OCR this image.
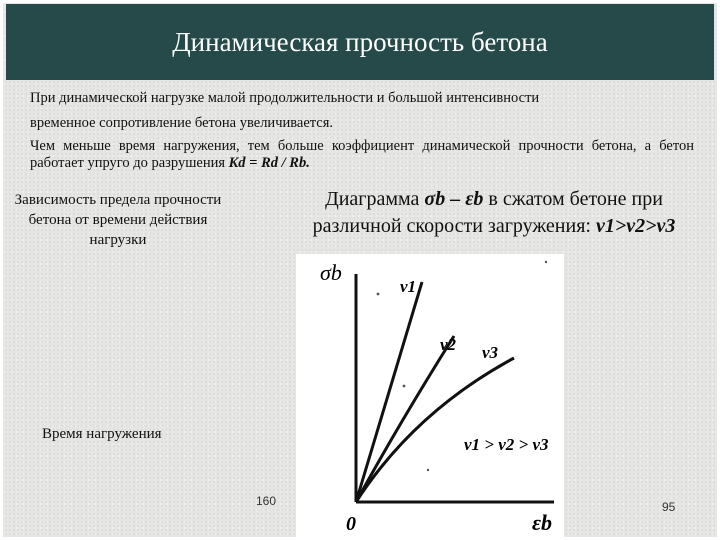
Динамическая прочность бетона
При динамической нагрузке малой продолжительности и большой интенсивности
временное сопротивление бетона увеличивается.
Чем меньше время нагружения, тем больше коэффициент динамической прочности бетона, а бетон работает упруго до разрушения Kd = Rd / Rb.
Зависимость предела прочности бетона от времени действия нагрузки
Диаграмма σb – εb в сжатом бетоне при
различной скорости загружения: v1>v2>v3
Время нагружения
σb
εb
0
v1
v2 v3
v1 > v2 > v3
160	95
